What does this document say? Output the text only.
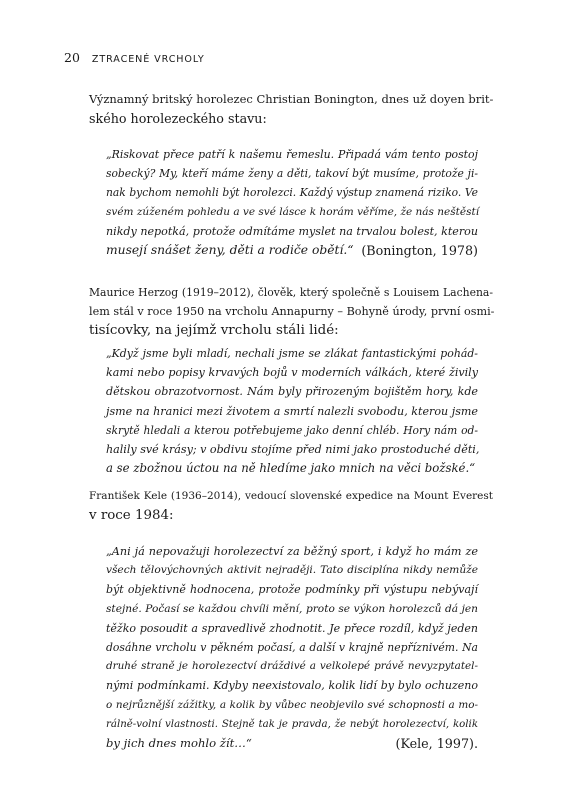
20 ZTRACENÉ VRCHOLY
Významný britský horolezec Christian Bonington, dnes už doyen brit-
ského horolezeckého stavu:
„Riskovat přece patří k našemu řemeslu. Připadá vám tento postoj
sobecký? My, kteří máme ženy a děti, takoví být musíme, protože ji-
nak bychom nemohli být horolezci. Každý výstup znamená riziko. Ve
svém zúženém pohledu a ve své lásce k horám věříme, že nás neštěstí
nikdy nepotká, protože odmítáme myslet na trvalou bolest, kterou
musejí snášet ženy, děti a rodiče obětí.“ (Bonington, 1978)
Maurice Herzog (1919–2012), člověk, který společně s Louisem Lachena-
lem stál v roce 1950 na vrcholu Annapurny – Bohyně úrody, první osmi-
tisícovky, na jejímž vrcholu stáli lidé:
„Když jsme byli mladí, nechali jsme se zlákat fantastickými pohád-
kami nebo popisy krvavých bojů v moderních válkách, které živily
dětskou obrazotvornost. Nám byly přirozeným bojištěm hory, kde
jsme na hranici mezi životem a smrtí nalezli svobodu, kterou jsme
skrytě hledali a kterou potřebujeme jako denní chléb. Hory nám od-
halily své krásy; v obdivu stojíme před nimi jako prostoduché děti,
a se zbožnou úctou na ně hledíme jako mnich na věci božské.“
František Kele (1936–2014), vedoucí slovenské expedice na Mount Everest
v roce 1984:
„Ani já nepovažuji horolezectví za běžný sport, i když ho mám ze
všech tělovýchovných aktivit nejraději. Tato disciplína nikdy nemůže
být objektivně hodnocena, protože podmínky při výstupu nebývají
stejné. Počasí se každou chvíli mění, proto se výkon horolezců dá jen
těžko posoudit a spravedlivě zhodnotit. Je přece rozdíl, když jeden
dosáhne vrcholu v pěkném počasí, a další v krajně nepříznivém. Na
druhé straně je horolezectví dráždivé a velkolepé právě nevyzpytatel-
nými podmínkami. Kdyby neexistovalo, kolik lidí by bylo ochuzeno
o nejrůznější zážitky, a kolik by vůbec neobjevilo své schopnosti a mo-
rálně-volní vlastnosti. Stejně tak je pravda, že nebýt horolezectví, kolik
by jich dnes mohlo žít…“	(Kele, 1997).
